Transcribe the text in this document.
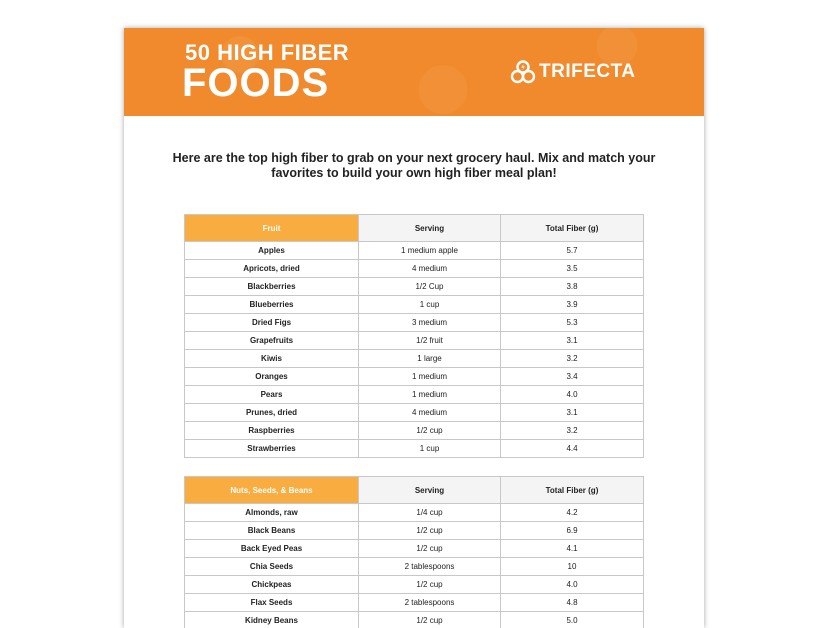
50 HIGH FIBER
FOODS	TRIFECTA
Here are the top high fiber to grab on your next grocery haul. Mix and match your favorites to build your own high fiber meal plan!
Fruit	Serving	Total Fiber (g)
Apples	1 medium apple	5.7
Apricots, dried	4 medium	3.5
Blackberries	1/2 Cup	3.8
Blueberries	1 cup	3.9
Dried Figs	3 medium	5.3
Grapefruits	1/2 fruit	3.1
Kiwis	1 large	3.2
Oranges	1 medium	3.4
Pears	1 medium	4.0
Prunes, dried	4 medium	3.1
Raspberries	1/2 cup	3.2
Strawberries	1 cup	4.4
Nuts, Seeds, & Beans	Serving	Total Fiber (g)
Almonds, raw	1/4 cup	4.2
Black Beans	1/2 cup	6.9
Back Eyed Peas	1/2 cup	4.1
Chia Seeds	2 tablespoons	10
Chickpeas	1/2 cup	4.0
Flax Seeds	2 tablespoons	4.8
Kidney Beans	1/2 cup	5.0
